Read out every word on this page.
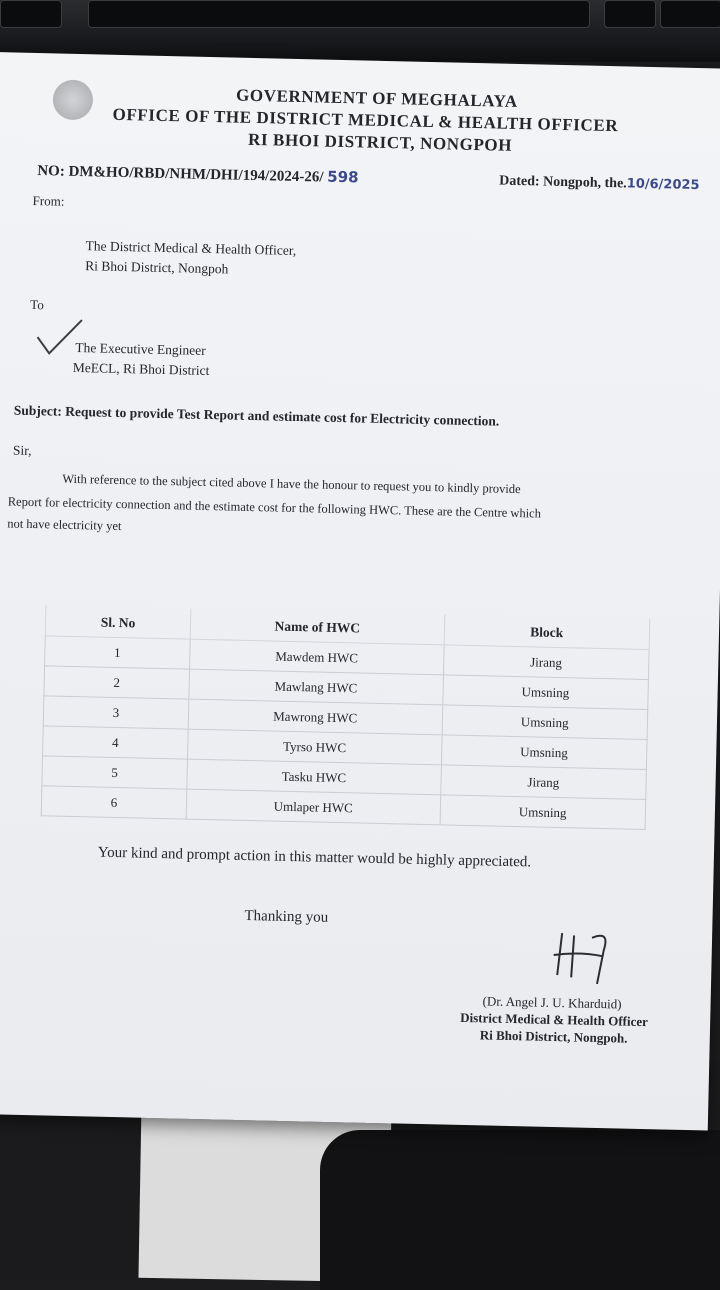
GOVERNMENT OF MEGHALAYA
OFFICE OF THE DISTRICT MEDICAL & HEALTH OFFICER
RI BHOI DISTRICT, NONGPOH
NO: DM&HO/RBD/NHM/DHI/194/2024-26/ 598	Dated: Nongpoh, the.10/6/2025
From:
The District Medical & Health Officer,
Ri Bhoi District, Nongpoh
To
The Executive Engineer
MeECL, Ri Bhoi District
Subject: Request to provide Test Report and estimate cost for Electricity connection.
Sir,
With reference to the subject cited above I have the honour to request you to kindly provide
Report for electricity connection and the estimate cost for the following HWC. These are the Centre which
not have electricity yet
Sl. No	Name of HWC	Block
1	Mawdem HWC	Jirang
2	Mawlang HWC	Umsning
3	Mawrong HWC	Umsning
4	Tyrso HWC	Umsning
5	Tasku HWC	Jirang
6	Umlaper HWC	Umsning
Your kind and prompt action in this matter would be highly appreciated.
Thanking you
(Dr. Angel J. U. Kharduid)
District Medical & Health Officer
Ri Bhoi District, Nongpoh.
